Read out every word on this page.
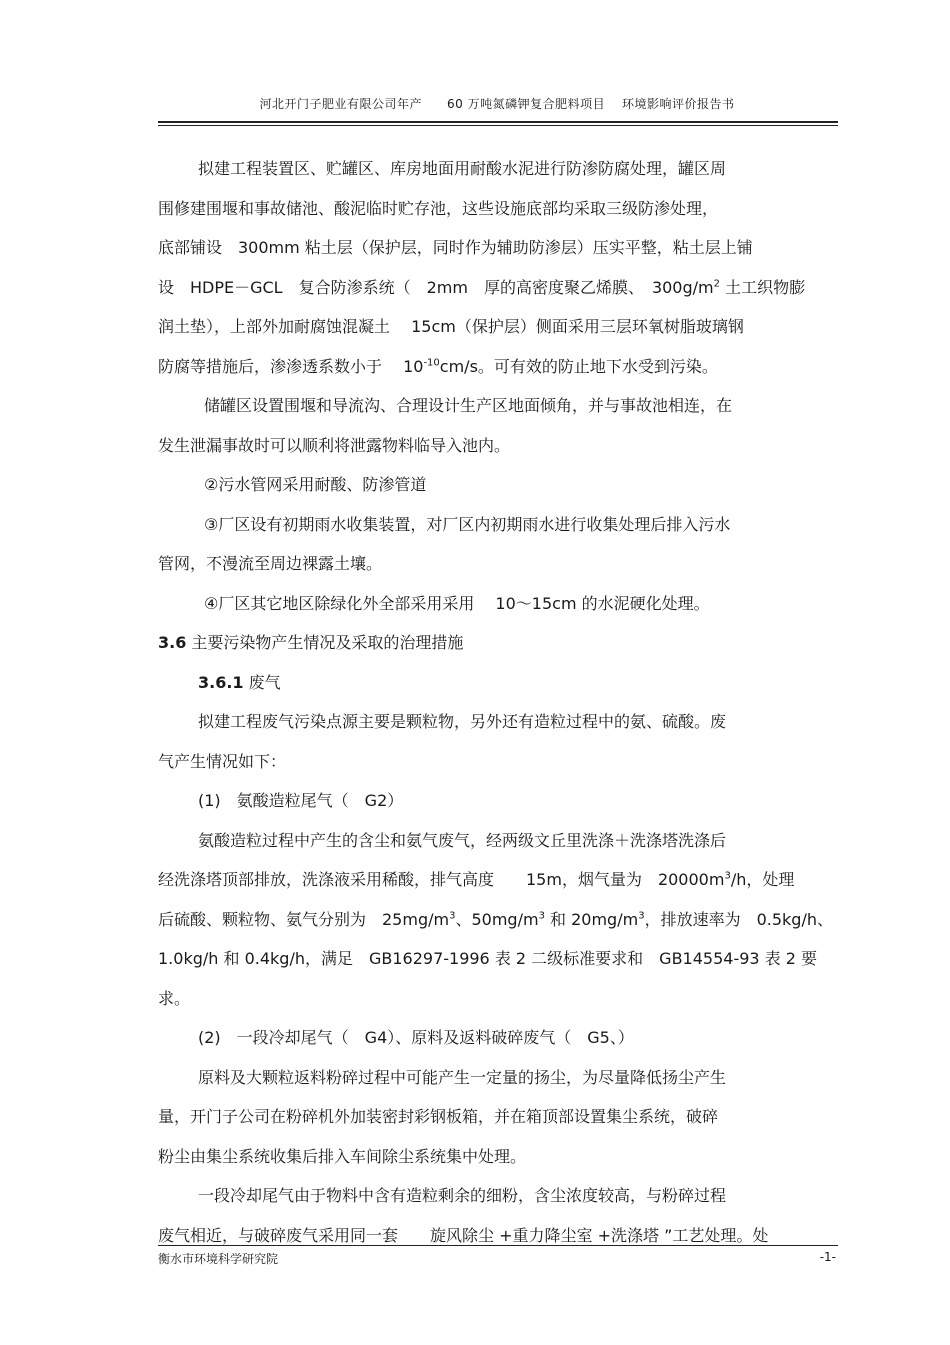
河北开门子肥业有限公司年产　　60 万吨氮磷钾复合肥料项目　 环境影响评价报告书
拟建工程装置区、贮罐区、库房地面用耐酸水泥进行防渗防腐处理，罐区周
围修建围堰和事故储池、酸泥临时贮存池，这些设施底部均采取三级防渗处理，
底部铺设　300mm 粘土层（保护层，同时作为辅助防渗层）压实平整，粘土层上铺
设　HDPE－GCL　复合防渗系统（　2mm　厚的高密度聚乙烯膜、　$300g/m^2$ 土工织物膨
润土垫），上部外加耐腐蚀混凝土　 15cm（保护层）侧面采用三层环氧树脂玻璃钢
防腐等措施后，渗渗透系数小于　 $10^{-10}cm/s$。可有效的防止地下水受到污染。
储罐区设置围堰和导流沟、合理设计生产区地面倾角，并与事故池相连，在
发生泄漏事故时可以顺利将泄露物料临导入池内。
②污水管网采用耐酸、防渗管道
③厂区设有初期雨水收集装置，对厂区内初期雨水进行收集处理后排入污水
管网，不漫流至周边裸露土壤。
④厂区其它地区除绿化外全部采用采用　 10～15cm 的水泥硬化处理。
3.6 主要污染物产生情况及采取的治理措施
3.6.1 废气
拟建工程废气污染点源主要是颗粒物，另外还有造粒过程中的氨、硫酸。废
气产生情况如下：
(1)　氨酸造粒尾气（　G2）
氨酸造粒过程中产生的含尘和氨气废气，经两级文丘里洗涤＋洗涤塔洗涤后
经洗涤塔顶部排放，洗涤液采用稀酸，排气高度　　15m，烟气量为　$20000m^3/h$，处理
后硫酸、颗粒物、氨气分别为　$25mg/m^3$、$50mg/m^3$ 和 $20mg/m^3$，排放速率为　0.5kg/h、
1.0kg/h 和 0.4kg/h，满足　GB16297-1996 表 2 二级标准要求和　GB14554-93 表 2 要
求。
(2)　一段冷却尾气（　G4）、原料及返料破碎废气（　G5、）
原料及大颗粒返料粉碎过程中可能产生一定量的扬尘，为尽量降低扬尘产生
量，开门子公司在粉碎机外加装密封彩钢板箱，并在箱顶部设置集尘系统，破碎
粉尘由集尘系统收集后排入车间除尘系统集中处理。
一段冷却尾气由于物料中含有造粒剩余的细粉，含尘浓度较高，与粉碎过程
废气相近，与破碎废气采用同一套　　旋风除尘 +重力降尘室 +洗涤塔 ”工艺处理。处
衡水市环境科学研究院	-1-
